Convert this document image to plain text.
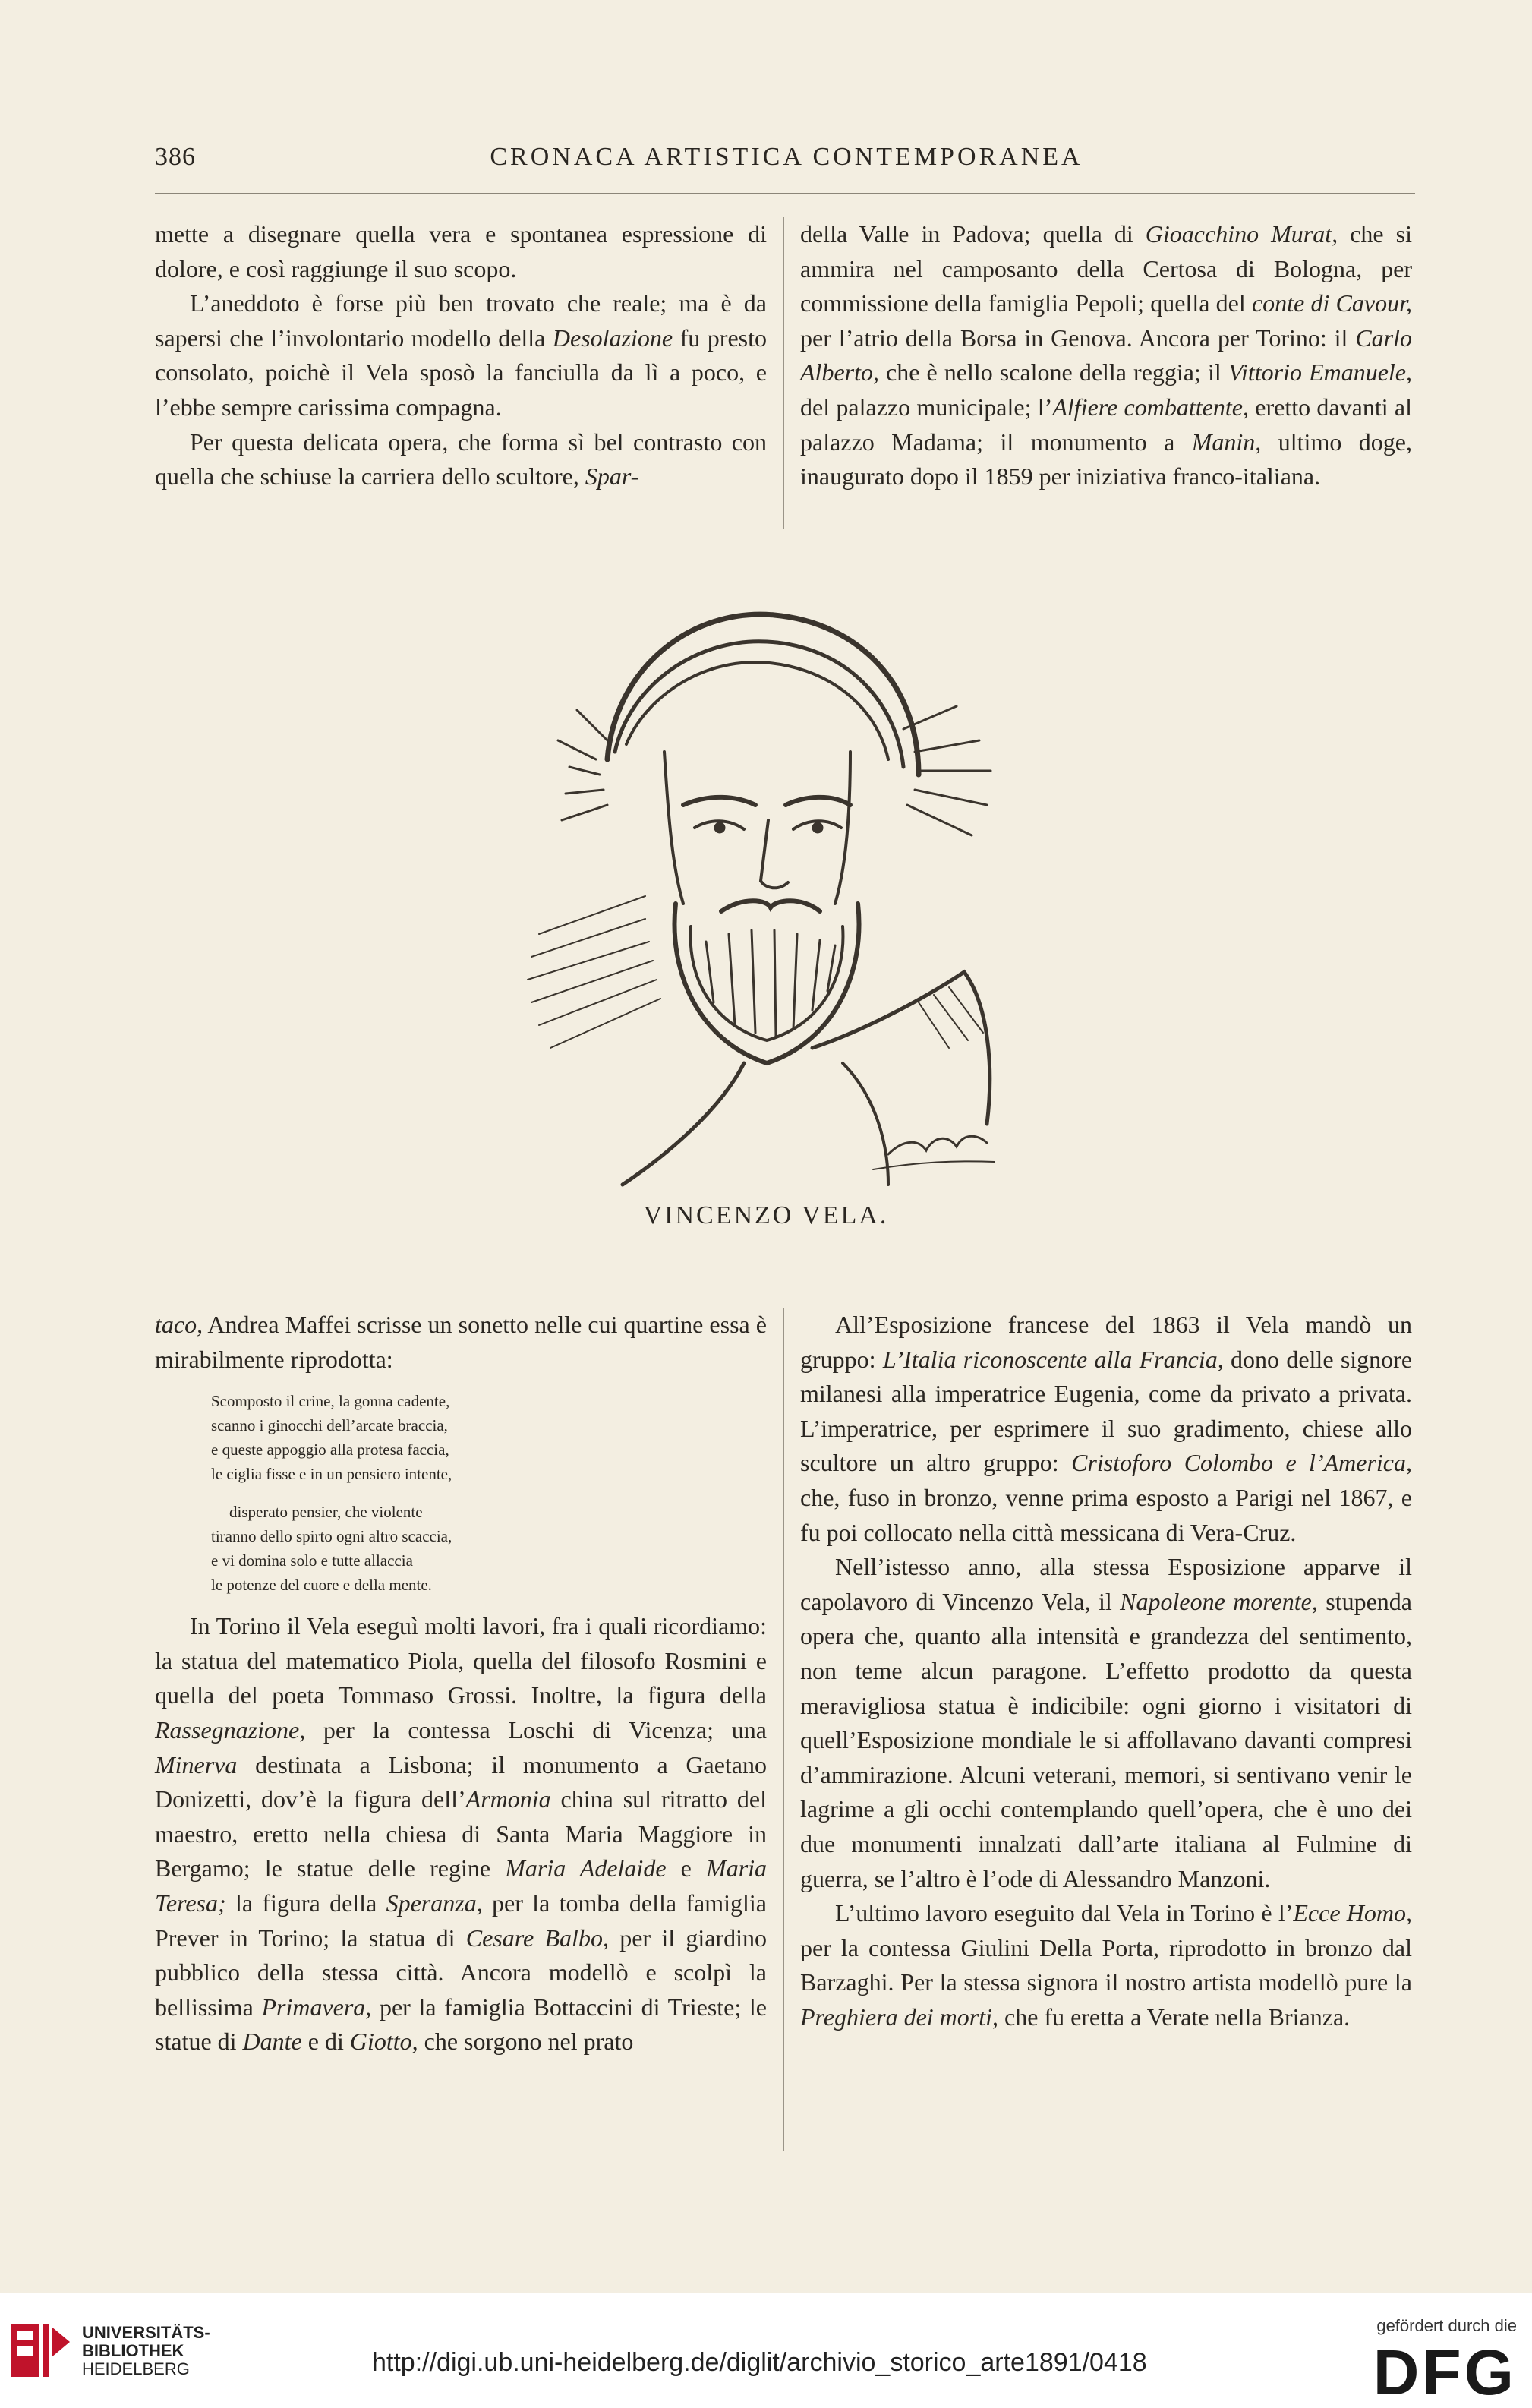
386	CRONACA ARTISTICA CONTEMPORANEA

mette a disegnare quella vera e spontanea espressione di dolore, e così raggiunge il suo scopo.

L’aneddoto è forse più ben trovato che reale; ma è da sapersi che l’involontario modello della Desolazione fu presto consolato, poichè il Vela sposò la fanciulla da lì a poco, e l’ebbe sempre carissima compagna.

Per questa delicata opera, che forma sì bel contrasto con quella che schiuse la carriera dello scultore, Spar-

della Valle in Padova; quella di Gioacchino Murat, che si ammira nel camposanto della Certosa di Bologna, per commissione della famiglia Pepoli; quella del conte di Cavour, per l’atrio della Borsa in Genova. Ancora per Torino: il Carlo Alberto, che è nello scalone della reggia; il Vittorio Emanuele, del palazzo municipale; l’Alfiere combattente, eretto davanti al palazzo Madama; il monumento a Manin, ultimo doge, inaugurato dopo il 1859 per iniziativa franco-italiana.

VINCENZO VELA.

taco, Andrea Maffei scrisse un sonetto nelle cui quartine essa è mirabilmente riprodotta:

Scomposto il crine, la gonna cadente,
scanno i ginocchi dell’arcate braccia,
e queste appoggio alla protesa faccia,
le ciglia fisse e in un pensiero intente,
disperato pensier, che violente
tiranno dello spirto ogni altro scaccia,
e vi domina solo e tutte allaccia
le potenze del cuore e della mente.

In Torino il Vela eseguì molti lavori, fra i quali ricordiamo: la statua del matematico Piola, quella del filosofo Rosmini e quella del poeta Tommaso Grossi. Inoltre, la figura della Rassegnazione, per la contessa Loschi di Vicenza; una Minerva destinata a Lisbona; il monumento a Gaetano Donizetti, dov’è la figura dell’Armonia china sul ritratto del maestro, eretto nella chiesa di Santa Maria Maggiore in Bergamo; le statue delle regine Maria Adelaide e Maria Teresa; la figura della Speranza, per la tomba della famiglia Prever in Torino; la statua di Cesare Balbo, per il giardino pubblico della stessa città. Ancora modellò e scolpì la bellissima Primavera, per la famiglia Bottaccini di Trieste; le statue di Dante e di Giotto, che sorgono nel prato

All’Esposizione francese del 1863 il Vela mandò un gruppo: L’Italia riconoscente alla Francia, dono delle signore milanesi alla imperatrice Eugenia, come da privato a privata. L’imperatrice, per esprimere il suo gradimento, chiese allo scultore un altro gruppo: Cristoforo Colombo e l’America, che, fuso in bronzo, venne prima esposto a Parigi nel 1867, e fu poi collocato nella città messicana di Vera-Cruz.

Nell’istesso anno, alla stessa Esposizione apparve il capolavoro di Vincenzo Vela, il Napoleone morente, stupenda opera che, quanto alla intensità e grandezza del sentimento, non teme alcun paragone. L’effetto prodotto da questa meravigliosa statua è indicibile: ogni giorno i visitatori di quell’Esposizione mondiale le si affollavano davanti compresi d’ammirazione. Alcuni veterani, memori, si sentivano venir le lagrime a gli occhi contemplando quell’opera, che è uno dei due monumenti innalzati dall’arte italiana al Fulmine di guerra, se l’altro è l’ode di Alessandro Manzoni.

L’ultimo lavoro eseguito dal Vela in Torino è l’Ecce Homo, per la contessa Giulini Della Porta, riprodotto in bronzo dal Barzaghi. Per la stessa signora il nostro artista modellò pure la Preghiera dei morti, che fu eretta a Verate nella Brianza.

UNIVERSITÄTS-
BIBLIOTHEK
HEIDELBERG	http://digi.ub.uni-heidelberg.de/diglit/archivio_storico_arte1891/0418
gefördert durch die
DFG
